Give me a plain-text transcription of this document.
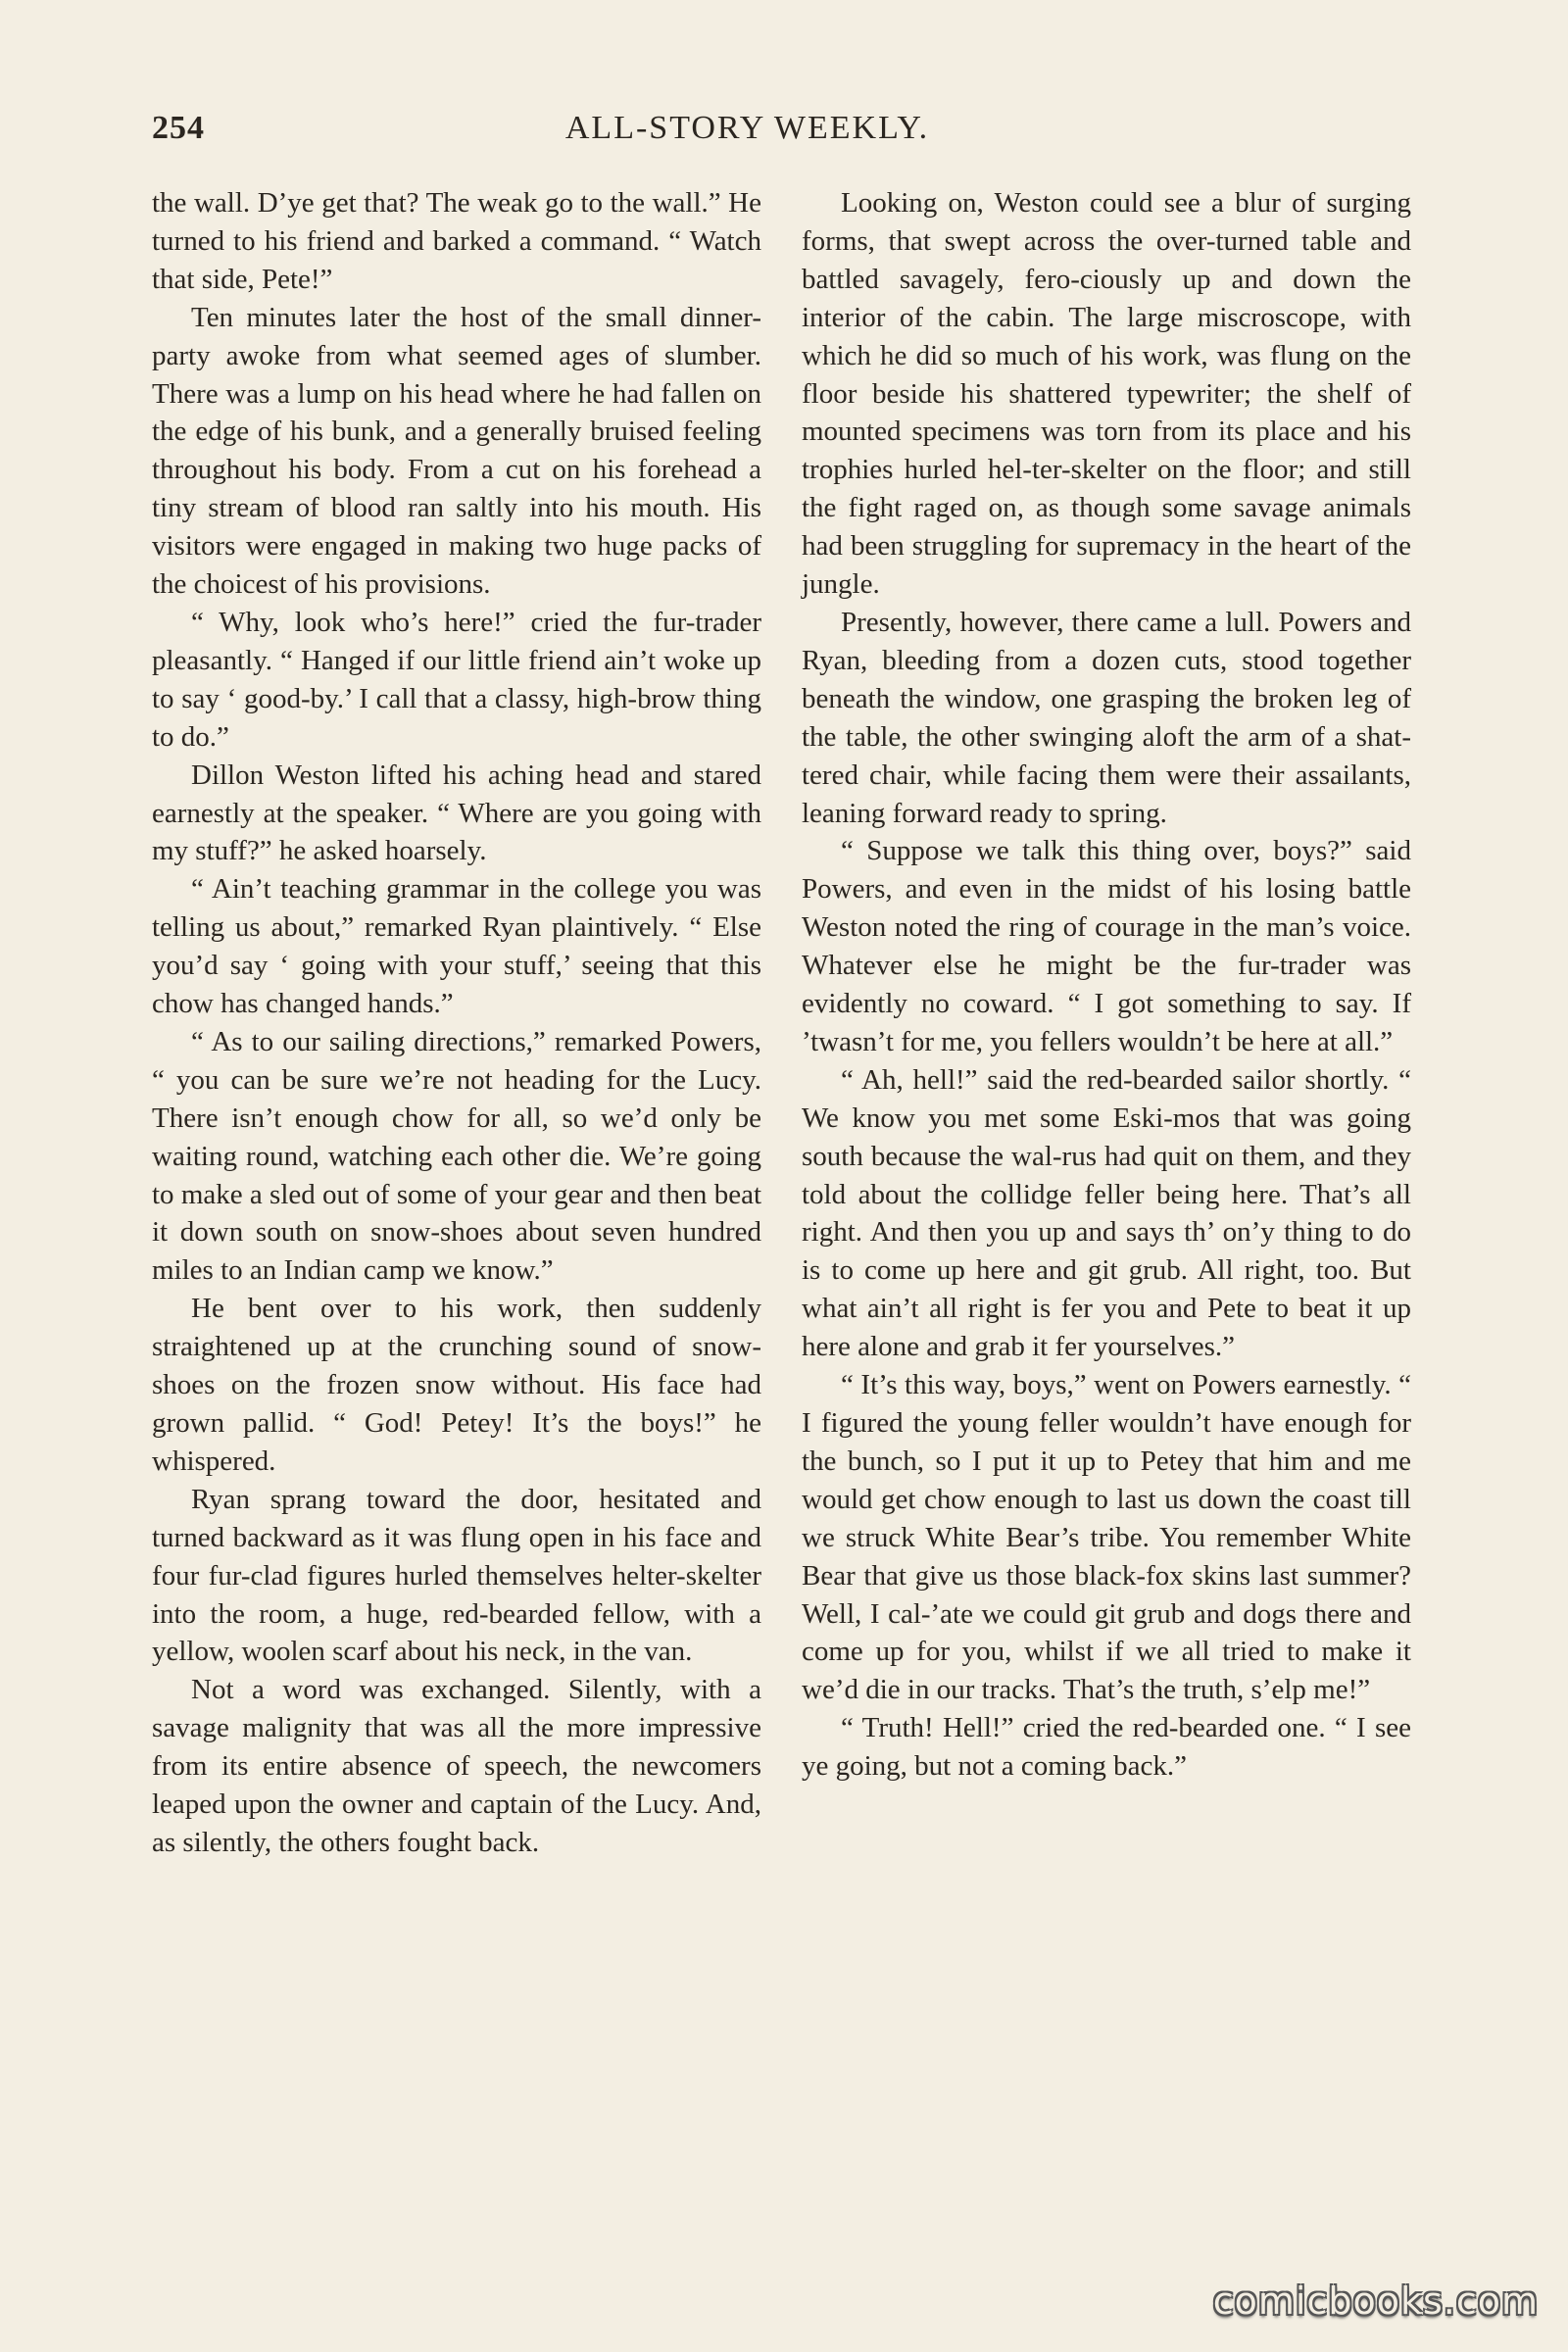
254	ALL-STORY WEEKLY.

the wall. D’ye get that? The weak go to the wall.” He turned to his friend and barked a command. “ Watch that side, Pete!”

Ten minutes later the host of the small dinner-party awoke from what seemed ages of slumber. There was a lump on his head where he had fallen on the edge of his bunk, and a generally bruised feeling throughout his body. From a cut on his forehead a tiny stream of blood ran saltly into his mouth. His visitors were engaged in making two huge packs of the choicest of his provisions.

“ Why, look who’s here!” cried the fur-trader pleasantly. “ Hanged if our little friend ain’t woke up to say ‘ good-by.’ I call that a classy, high-brow thing to do.”

Dillon Weston lifted his aching head and stared earnestly at the speaker. “ Where are you going with my stuff?” he asked hoarsely.

“ Ain’t teaching grammar in the college you was telling us about,” remarked Ryan plaintively. “ Else you’d say ‘ going with your stuff,’ seeing that this chow has changed hands.”

“ As to our sailing directions,” remarked Powers, “ you can be sure we’re not heading for the Lucy. There isn’t enough chow for all, so we’d only be waiting round, watching each other die. We’re going to make a sled out of some of your gear and then beat it down south on snow-shoes about seven hundred miles to an Indian camp we know.”

He bent over to his work, then suddenly straightened up at the crunching sound of snow-shoes on the frozen snow without. His face had grown pallid. “ God! Petey! It’s the boys!” he whispered.

Ryan sprang toward the door, hesitated and turned backward as it was flung open in his face and four fur-clad figures hurled themselves helter-skelter into the room, a huge, red-bearded fellow, with a yellow, woolen scarf about his neck, in the van.

Not a word was exchanged. Silently, with a savage malignity that was all the more impressive from its entire absence of speech, the newcomers leaped upon the owner and captain of the Lucy. And, as silently, the others fought back.

Looking on, Weston could see a blur of surging forms, that swept across the over-turned table and battled savagely, fero-ciously up and down the interior of the cabin. The large miscroscope, with which he did so much of his work, was flung on the floor beside his shattered typewriter; the shelf of mounted specimens was torn from its place and his trophies hurled hel-ter-skelter on the floor; and still the fight raged on, as though some savage animals had been struggling for supremacy in the heart of the jungle.

Presently, however, there came a lull. Powers and Ryan, bleeding from a dozen cuts, stood together beneath the window, one grasping the broken leg of the table, the other swinging aloft the arm of a shat-tered chair, while facing them were their assailants, leaning forward ready to spring.

“ Suppose we talk this thing over, boys?” said Powers, and even in the midst of his losing battle Weston noted the ring of courage in the man’s voice. Whatever else he might be the fur-trader was evidently no coward. “ I got something to say. If ’twasn’t for me, you fellers wouldn’t be here at all.”

“ Ah, hell!” said the red-bearded sailor shortly. “ We know you met some Eski-mos that was going south because the wal-rus had quit on them, and they told about the collidge feller being here. That’s all right. And then you up and says th’ on’y thing to do is to come up here and git grub. All right, too. But what ain’t all right is fer you and Pete to beat it up here alone and grab it fer yourselves.”

“ It’s this way, boys,” went on Powers earnestly. “ I figured the young feller wouldn’t have enough for the bunch, so I put it up to Petey that him and me would get chow enough to last us down the coast till we struck White Bear’s tribe. You remember White Bear that give us those black-fox skins last summer? Well, I cal-’ate we could git grub and dogs there and come up for you, whilst if we all tried to make it we’d die in our tracks. That’s the truth, s’elp me!”

“ Truth! Hell!” cried the red-bearded one. “ I see ye going, but not a coming back.”

comicbooks.com
